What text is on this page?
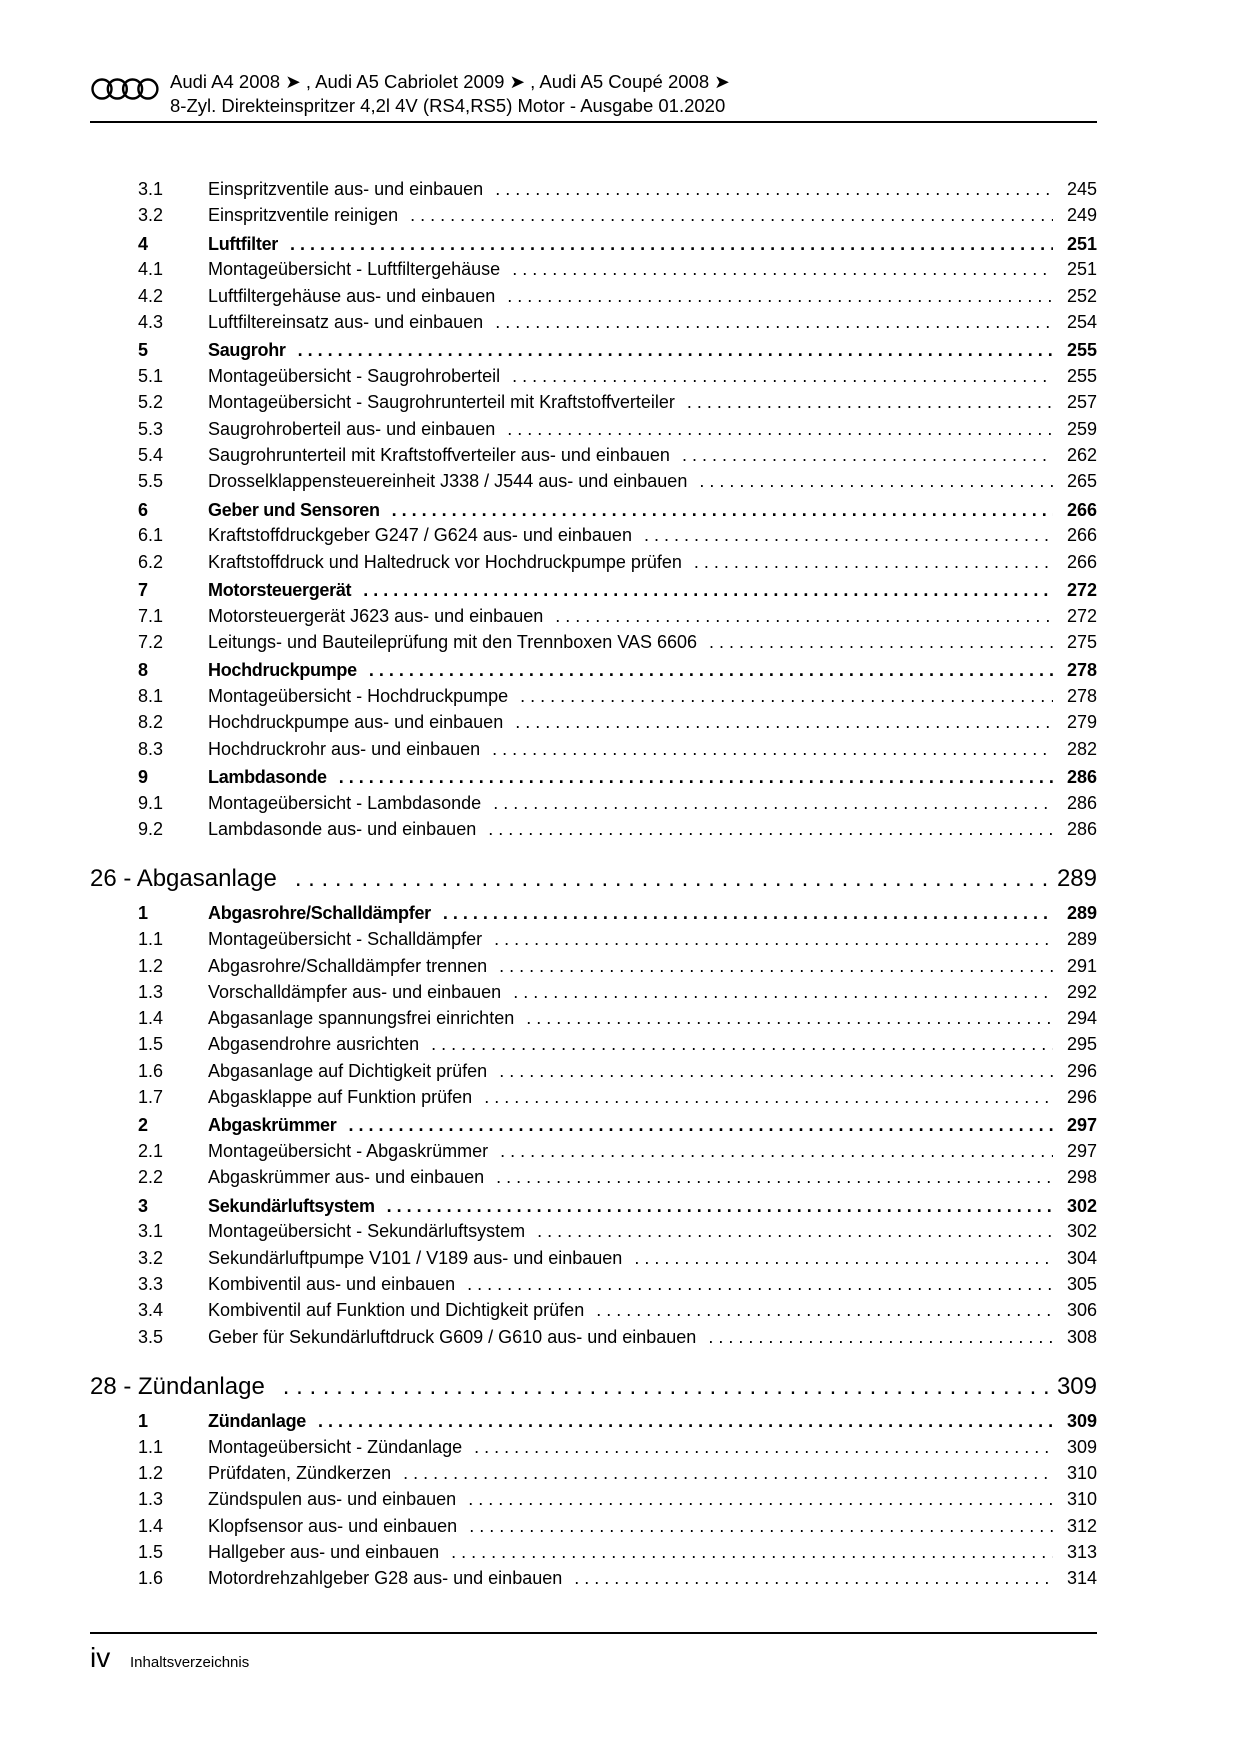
Audi A4 2008 ➤ , Audi A5 Cabriolet 2009 ➤ , Audi A5 Coupé 2008 ➤
8-Zyl. Direkteinspritzer 4,2l 4V (RS4,RS5) Motor - Ausgabe 01.2020
3.1	Einspritzventile aus- und einbauen . . .	245
3.2	Einspritzventile reinigen . . .	249
4	Luftfilter . . .	251
4.1	Montageübersicht - Luftfiltergehäuse . . .	251
4.2	Luftfiltergehäuse aus- und einbauen . . .	252
4.3	Luftfiltereinsatz aus- und einbauen . . .	254
5	Saugrohr . . .	255
5.1	Montageübersicht - Saugrohroberteil . . .	255
5.2	Montageübersicht - Saugrohrunterteil mit Kraftstoffverteiler . . .	257
5.3	Saugrohroberteil aus- und einbauen . . .	259
5.4	Saugrohrunterteil mit Kraftstoffverteiler aus- und einbauen . . .	262
5.5	Drosselklappensteuereinheit J338 / J544 aus- und einbauen . . .	265
6	Geber und Sensoren . . .	266
6.1	Kraftstoffdruckgeber G247 / G624 aus- und einbauen . . .	266
6.2	Kraftstoffdruck und Haltedruck vor Hochdruckpumpe prüfen . . .	266
7	Motorsteuergerät . . .	272
7.1	Motorsteuergerät J623 aus- und einbauen . . .	272
7.2	Leitungs- und Bauteileprüfung mit den Trennboxen VAS 6606 . . .	275
8	Hochdruckpumpe . . .	278
8.1	Montageübersicht - Hochdruckpumpe . . .	278
8.2	Hochdruckpumpe aus- und einbauen . . .	279
8.3	Hochdruckrohr aus- und einbauen . . .	282
9	Lambdasonde . . .	286
9.1	Montageübersicht - Lambdasonde . . .	286
9.2	Lambdasonde aus- und einbauen . . .	286
26 - Abgasanlage . . .	289
1	Abgasrohre/Schalldämpfer . . .	289
1.1	Montageübersicht - Schalldämpfer . . .	289
1.2	Abgasrohre/Schalldämpfer trennen . . .	291
1.3	Vorschalldämpfer aus- und einbauen . . .	292
1.4	Abgasanlage spannungsfrei einrichten . . .	294
1.5	Abgasendrohre ausrichten . . .	295
1.6	Abgasanlage auf Dichtigkeit prüfen . . .	296
1.7	Abgasklappe auf Funktion prüfen . . .	296
2	Abgaskrümmer . . .	297
2.1	Montageübersicht - Abgaskrümmer . . .	297
2.2	Abgaskrümmer aus- und einbauen . . .	298
3	Sekundärluftsystem . . .	302
3.1	Montageübersicht - Sekundärluftsystem . . .	302
3.2	Sekundärluftpumpe V101 / V189 aus- und einbauen . . .	304
3.3	Kombiventil aus- und einbauen . . .	305
3.4	Kombiventil auf Funktion und Dichtigkeit prüfen . . .	306
3.5	Geber für Sekundärluftdruck G609 / G610 aus- und einbauen . . .	308
28 - Zündanlage . . .	309
1	Zündanlage . . .	309
1.1	Montageübersicht - Zündanlage . . .	309
1.2	Prüfdaten, Zündkerzen . . .	310
1.3	Zündspulen aus- und einbauen . . .	310
1.4	Klopfsensor aus- und einbauen . . .	312
1.5	Hallgeber aus- und einbauen . . .	313
1.6	Motordrehzahlgeber G28 aus- und einbauen . . .	314
iv Inhaltsverzeichnis
